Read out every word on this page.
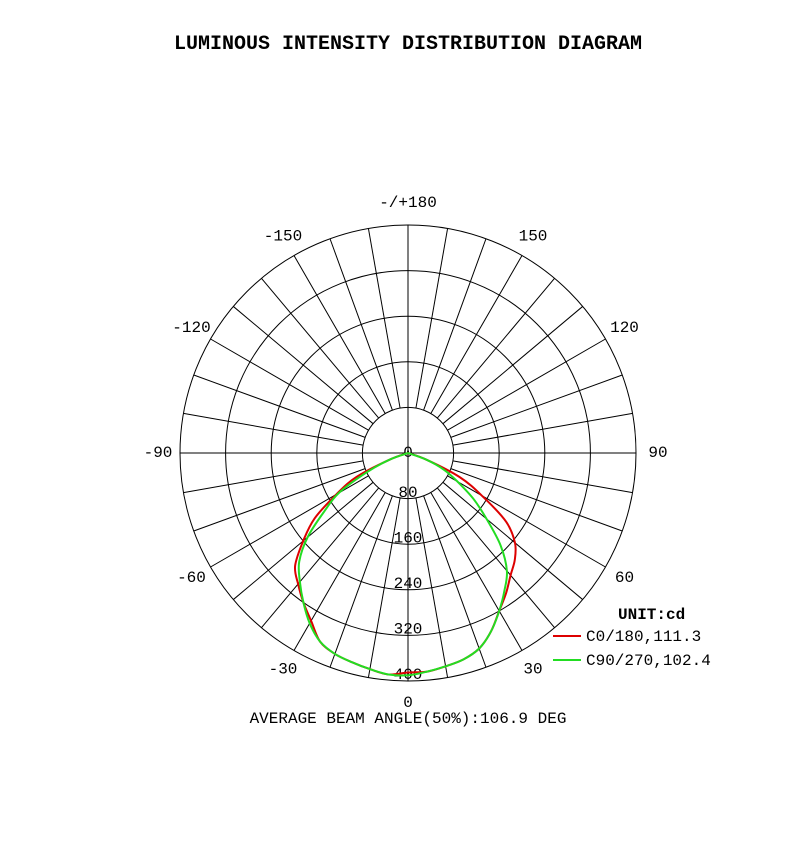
LUMINOUS INTENSITY DISTRIBUTION DIAGRAM
0
80
160
240
320
400
0
30
60
90
120
150
-/+180
-150
-120
-90
-60
-30
UNIT:cd
C0/180,111.3
C90/270,102.4
AVERAGE BEAM ANGLE(50%):106.9 DEG
